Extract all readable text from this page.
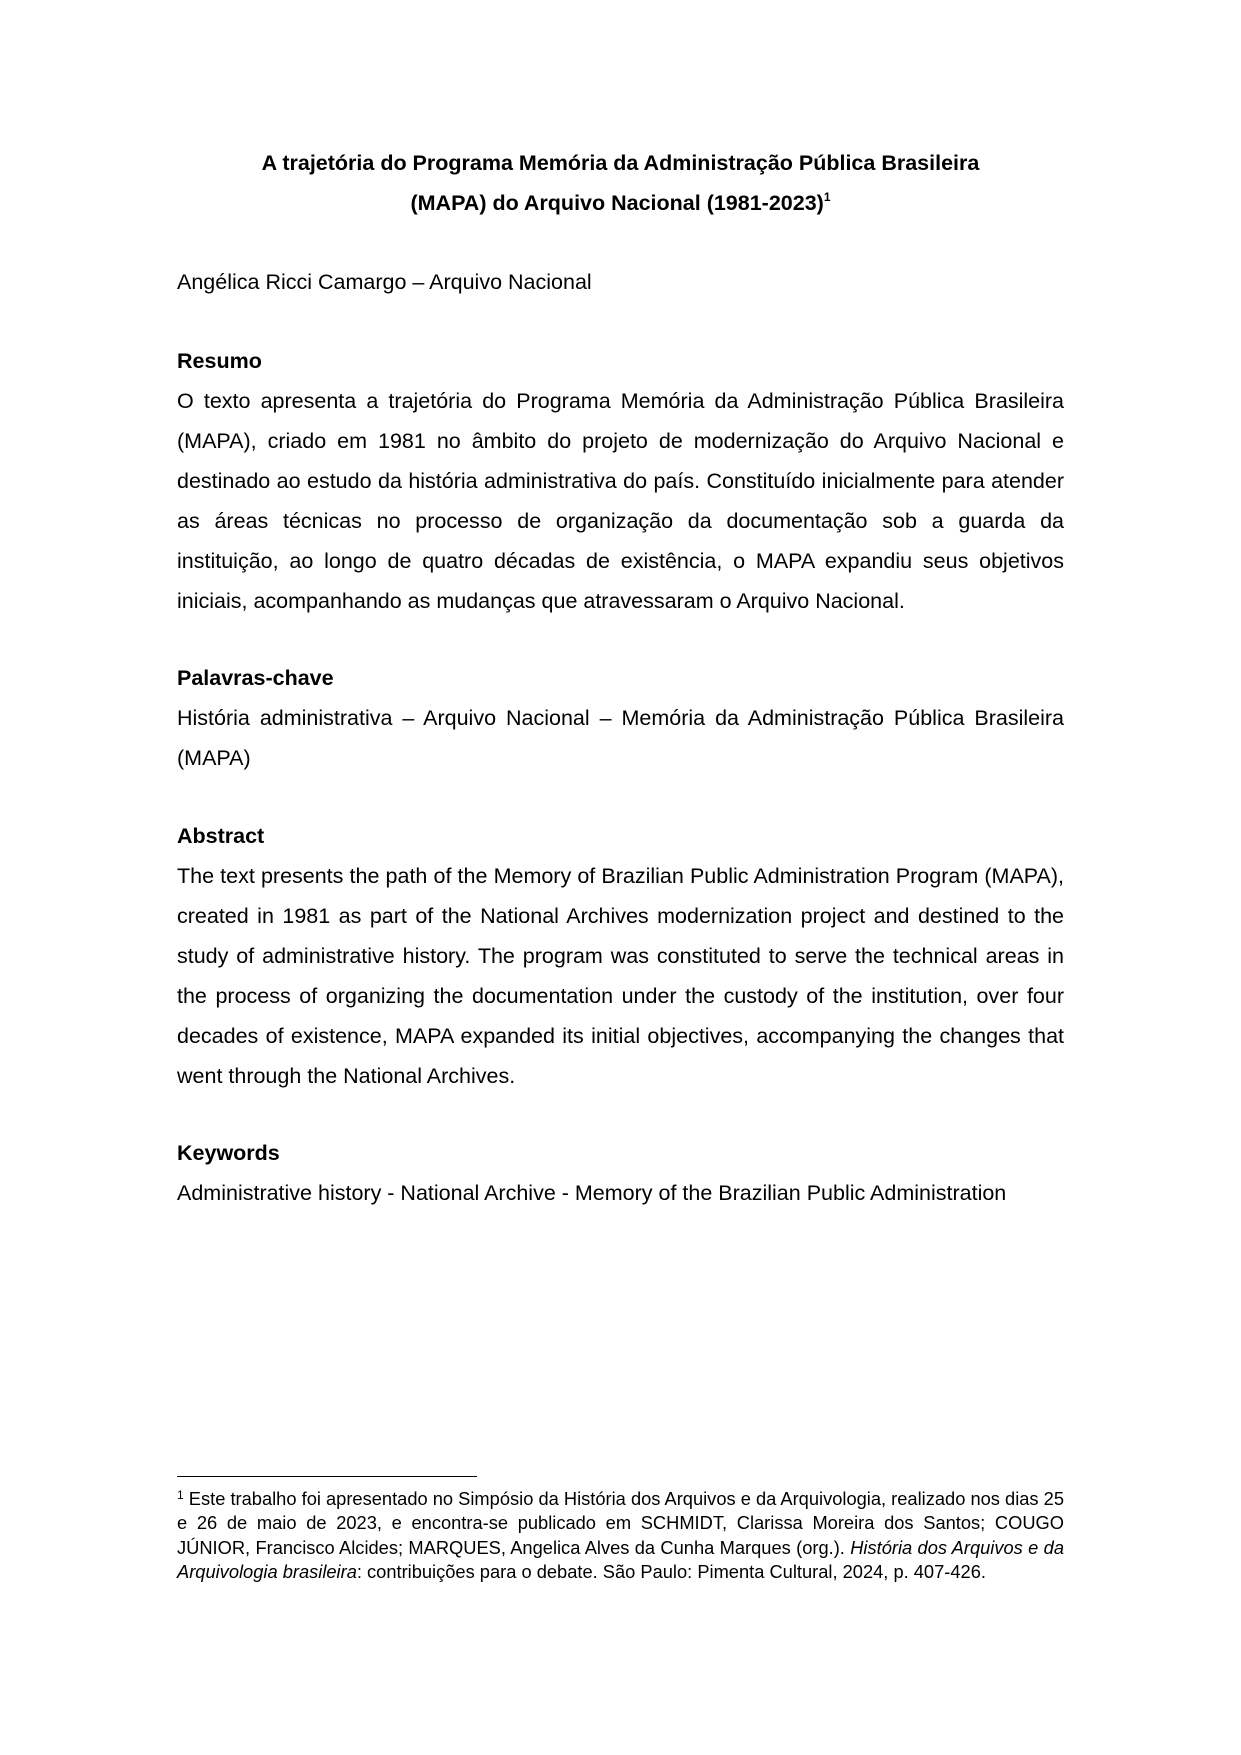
A trajetória do Programa Memória da Administração Pública Brasileira
(MAPA) do Arquivo Nacional (1981-2023)$^1$
Angélica Ricci Camargo – Arquivo Nacional
Resumo
O texto apresenta a trajetória do Programa Memória da Administração Pública Brasileira (MAPA), criado em 1981 no âmbito do projeto de modernização do Arquivo Nacional e destinado ao estudo da história administrativa do país. Constituído inicialmente para atender as áreas técnicas no processo de organização da documentação sob a guarda da instituição, ao longo de quatro décadas de existência, o MAPA expandiu seus objetivos iniciais, acompanhando as mudanças que atravessaram o Arquivo Nacional.
Palavras-chave
História administrativa – Arquivo Nacional – Memória da Administração Pública Brasileira (MAPA)
Abstract
The text presents the path of the Memory of Brazilian Public Administration Program (MAPA), created in 1981 as part of the National Archives modernization project and destined to the study of administrative history. The program was constituted to serve the technical areas in the process of organizing the documentation under the custody of the institution, over four decades of existence, MAPA expanded its initial objectives, accompanying the changes that went through the National Archives.
Keywords
Administrative history - National Archive - Memory of the Brazilian Public Administration
$^1$ Este trabalho foi apresentado no Simpósio da História dos Arquivos e da Arquivologia, realizado nos dias 25 e 26 de maio de 2023, e encontra-se publicado em SCHMIDT, Clarissa Moreira dos Santos; COUGO JÚNIOR, Francisco Alcides; MARQUES, Angelica Alves da Cunha Marques (org.). História dos Arquivos e da Arquivologia brasileira: contribuições para o debate. São Paulo: Pimenta Cultural, 2024, p. 407-426.
